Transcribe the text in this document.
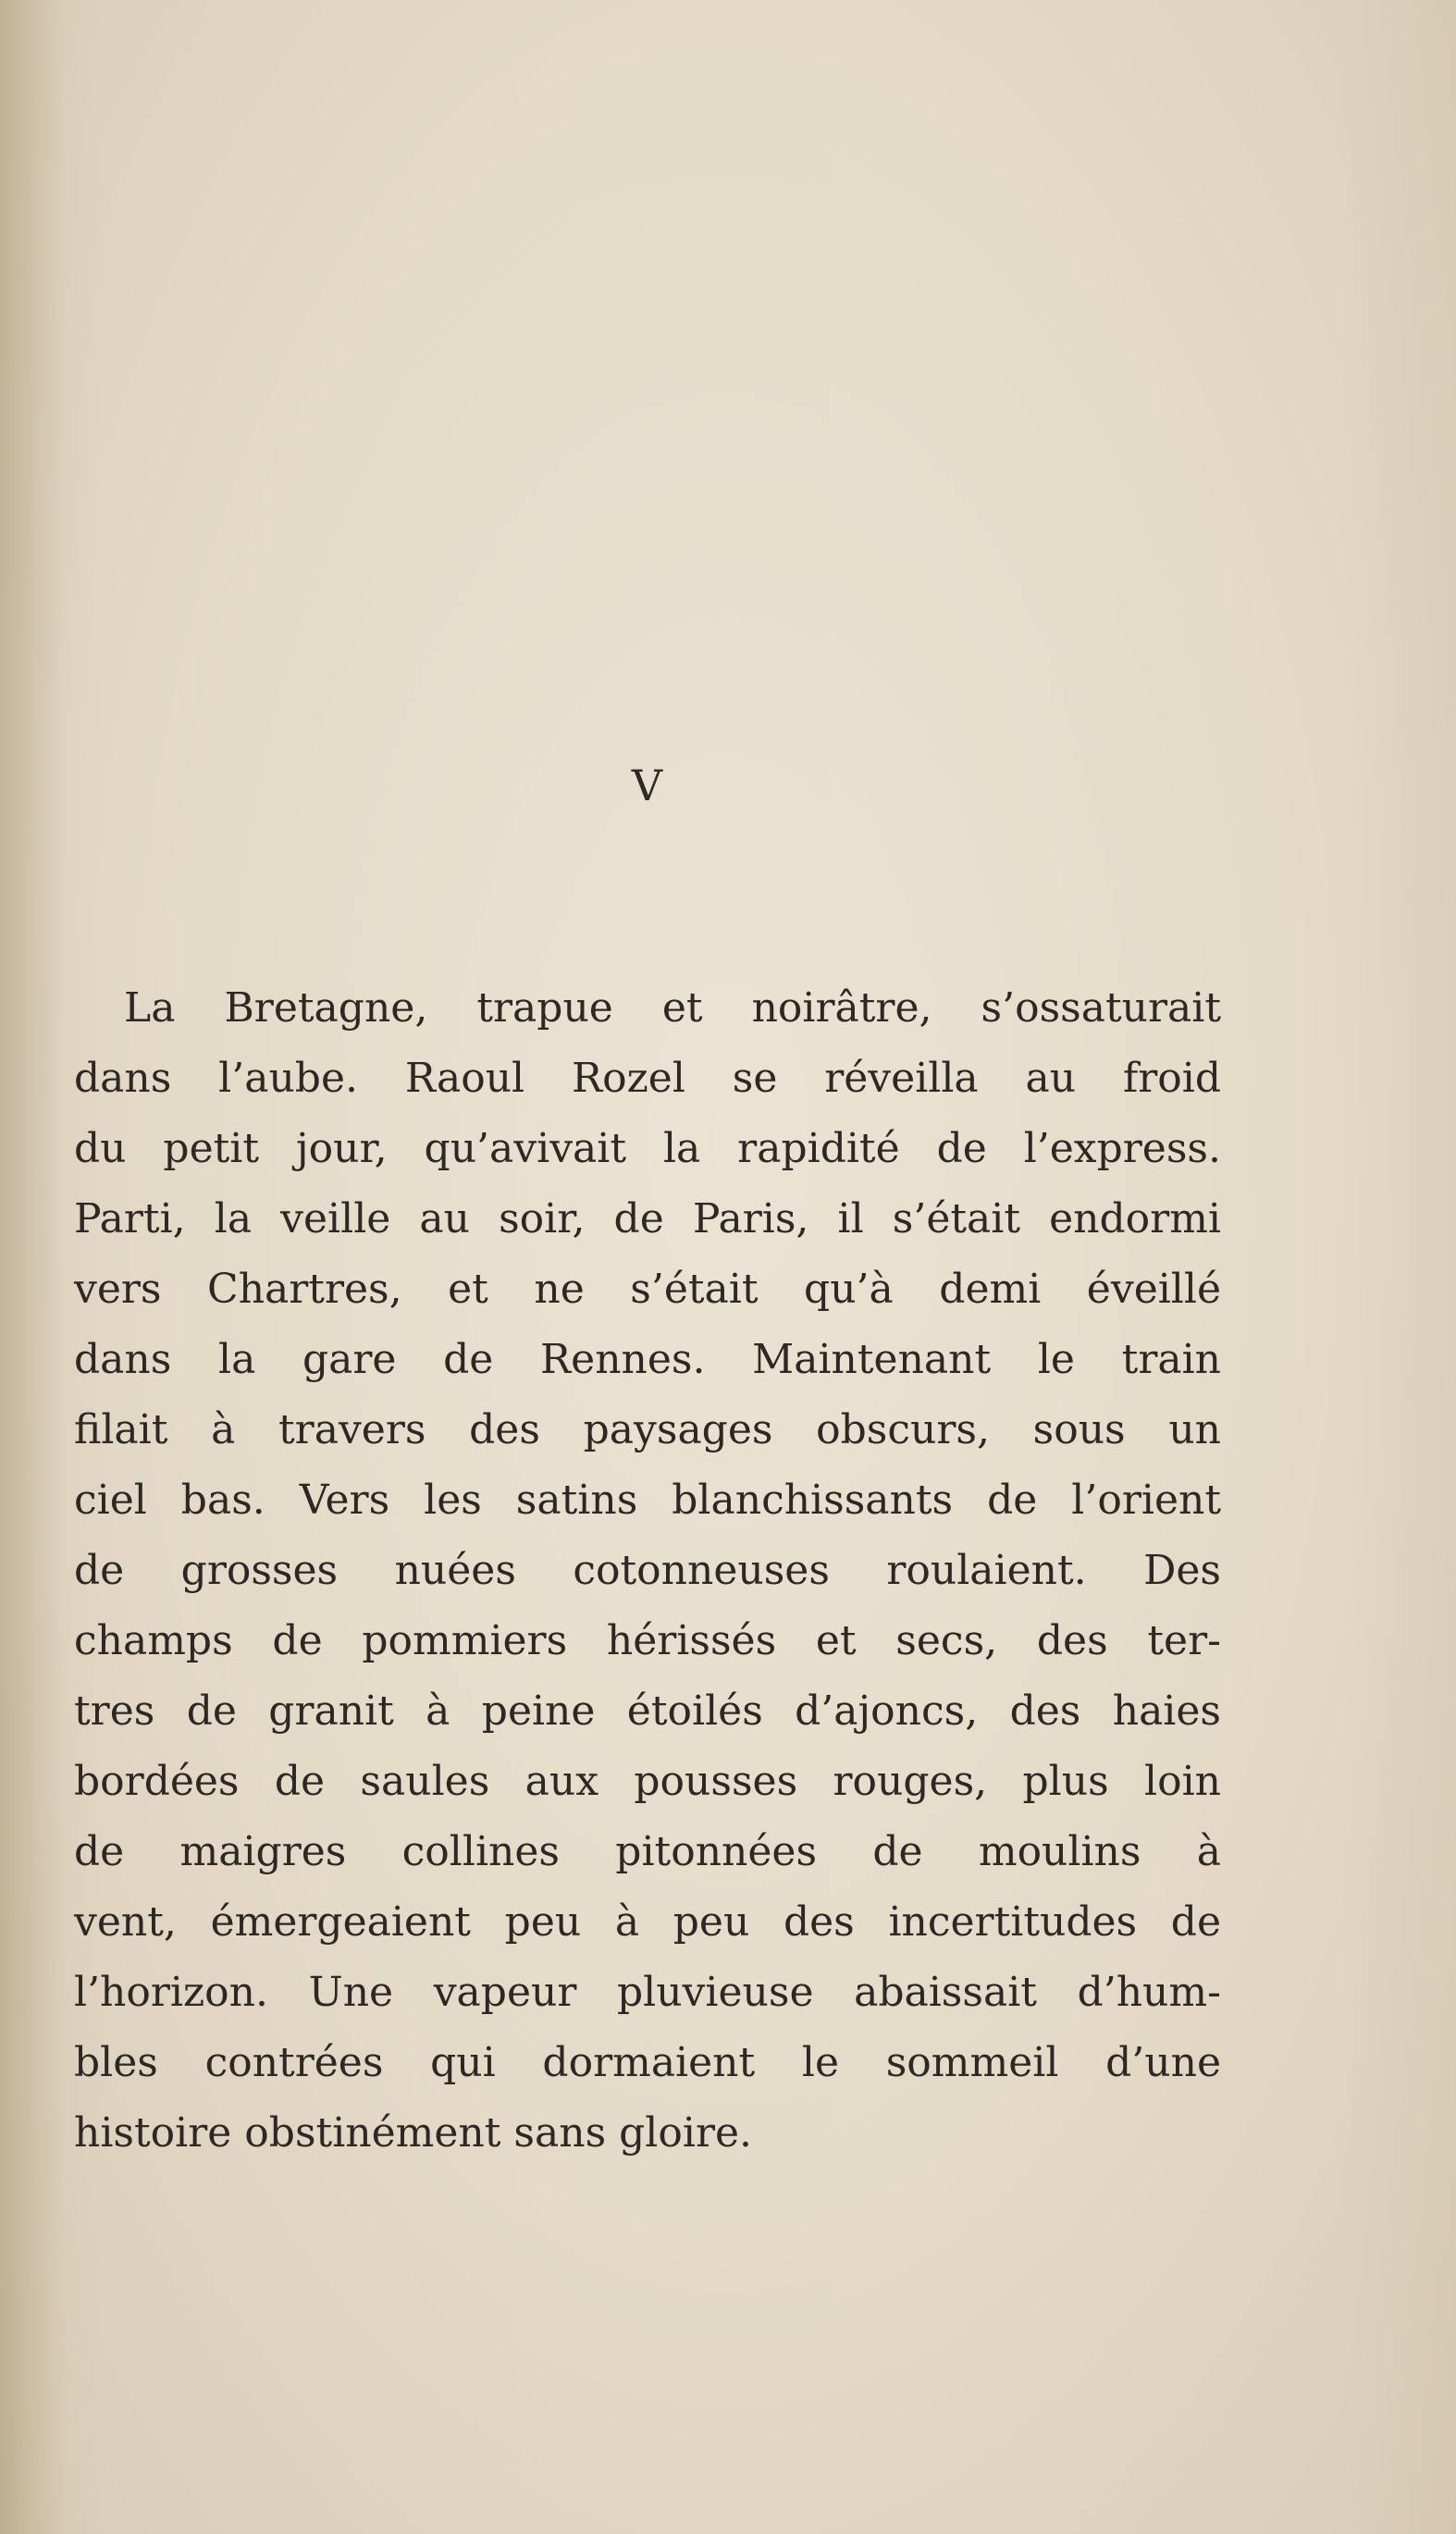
V
La Bretagne, trapue et noirâtre, s’ossaturait
dans l’aube. Raoul Rozel se réveilla au froid
du petit jour, qu’avivait la rapidité de l’express.
Parti, la veille au soir, de Paris, il s’était endormi
vers Chartres, et ne s’était qu’à demi éveillé
dans la gare de Rennes. Maintenant le train
filait à travers des paysages obscurs, sous un
ciel bas. Vers les satins blanchissants de l’orient
de grosses nuées cotonneuses roulaient. Des
champs de pommiers hérissés et secs, des ter-
tres de granit à peine étoilés d’ajoncs, des haies
bordées de saules aux pousses rouges, plus loin
de maigres collines pitonnées de moulins à
vent, émergeaient peu à peu des incertitudes de
l’horizon. Une vapeur pluvieuse abaissait d’hum-
bles contrées qui dormaient le sommeil d’une
histoire obstinément sans gloire.
